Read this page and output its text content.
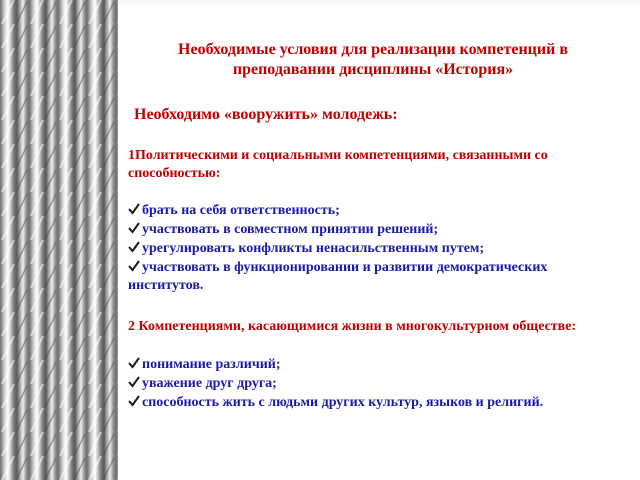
Необходимые условия для реализации компетенций в преподавании дисциплины «История»
Необходимо «вооружить» молодежь:
1Политическими и социальными компетенциями, связанными со способностью:
брать на себя ответственность;
участвовать в совместном принятии решений;
урегулировать конфликты ненасильственным путем;
участвовать в функционировании и развитии демократических институтов.
2 Компетенциями, касающимися жизни в многокультурном обществе:
понимание различий;
уважение друг друга;
способность жить с людьми других культур, языков и религий.
